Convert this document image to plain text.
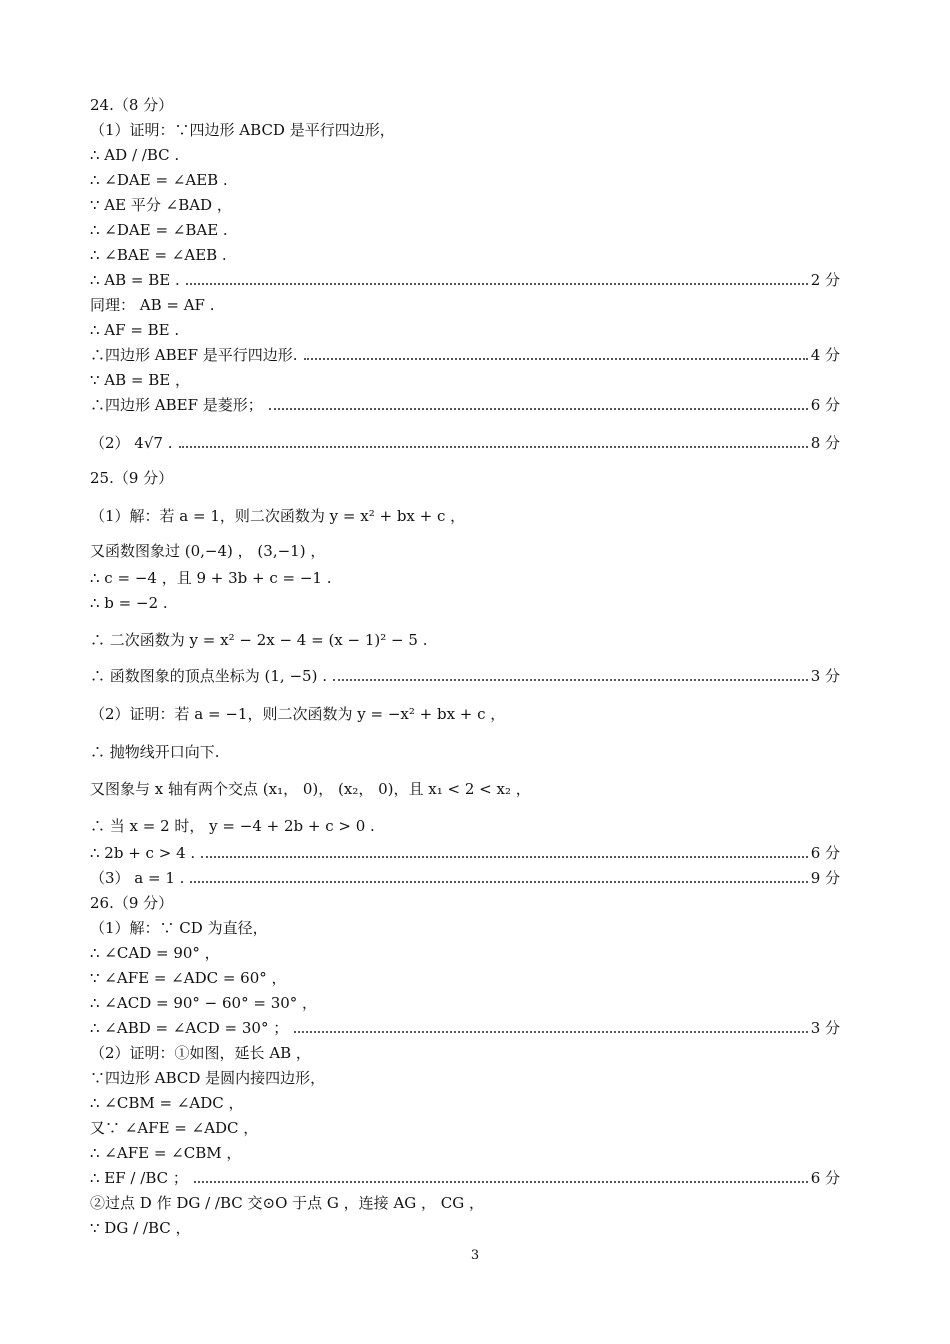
24.（8 分）
（1）证明：∵四边形 ABCD 是平行四边形，
∴ AD / /BC .
∴ ∠DAE = ∠AEB .
∵ AE 平分 ∠BAD ，
∴ ∠DAE = ∠BAE .
∴ ∠BAE = ∠AEB .
∴ AB = BE .	2 分
同理： AB = AF .
∴ AF = BE .
∴四边形 ABEF 是平行四边形.	4 分
∵ AB = BE ，
∴四边形 ABEF 是菱形；	6 分
（2） 4√7 .	8 分
25.（9 分）
（1）解：若 a = 1，则二次函数为 y = x² + bx + c ，
又函数图象过 (0,−4) ， (3,−1) ，
∴ c = −4 ，且 9 + 3b + c = −1 .
∴ b = −2 .
∴ 二次函数为 y = x² − 2x − 4 = (x − 1)² − 5 .
∴ 函数图象的顶点坐标为 (1, −5) .	3 分
（2）证明：若 a = −1，则二次函数为 y = −x² + bx + c ，
∴ 抛物线开口向下.
又图象与 x 轴有两个交点 (x₁， 0)， (x₂， 0)，且 x₁ < 2 < x₂ ，
∴ 当 x = 2 时， y = −4 + 2b + c > 0 .
∴ 2b + c > 4 .	6 分
（3） a = 1 .	9 分
26.（9 分）
（1）解：∵ CD 为直径，
∴ ∠CAD = 90° ，
∵ ∠AFE = ∠ADC = 60° ，
∴ ∠ACD = 90° − 60° = 30° ，
∴ ∠ABD = ∠ACD = 30° ；	3 分
（2）证明：①如图，延长 AB ，
∵四边形 ABCD 是圆内接四边形，
∴ ∠CBM = ∠ADC ，
又∵ ∠AFE = ∠ADC ，
∴ ∠AFE = ∠CBM ，
∴ EF / /BC ；	6 分
②过点 D 作 DG / /BC 交⊙O 于点 G ，连接 AG ， CG ，
∵ DG / /BC ，
3
